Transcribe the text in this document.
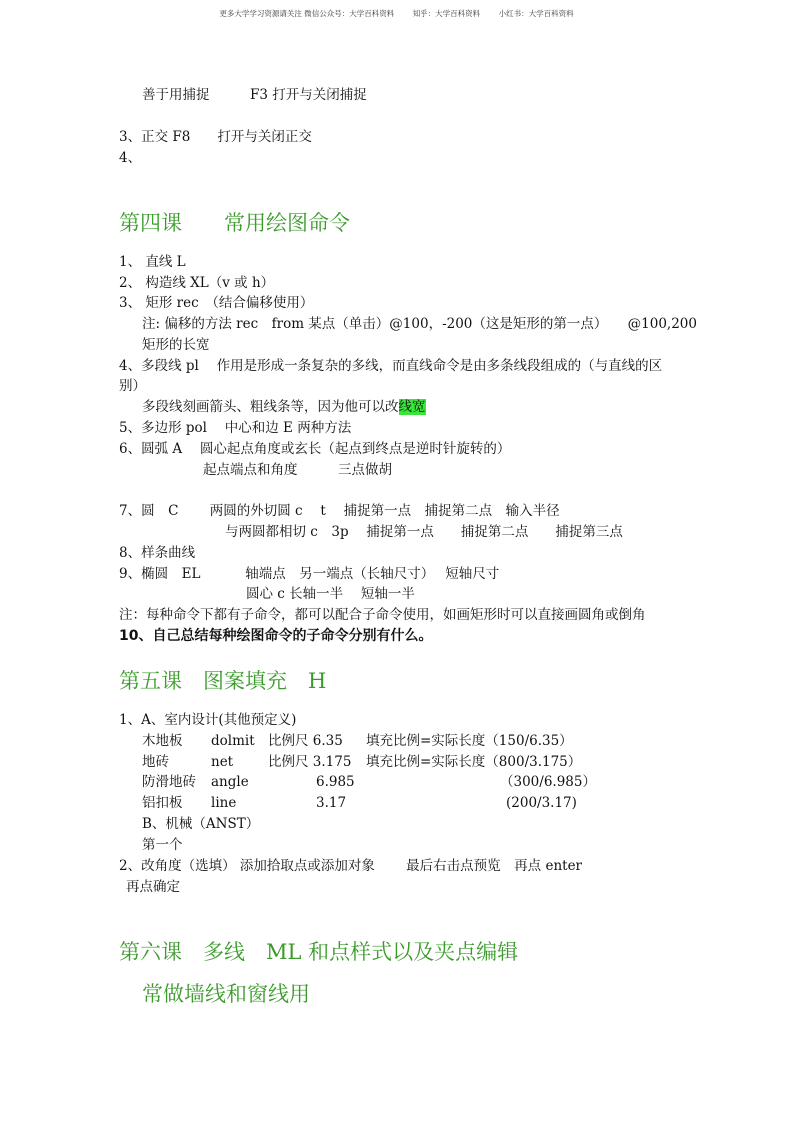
更多大学学习资源请关注 微信公众号：大学百科资料 知乎：大学百科资料 小红书：大学百科资料
善于用捕捉　　　F3 打开与关闭捕捉
3、正交 F8　　打开与关闭正交
4、
第四课　　常用绘图命令
1、 直线 L
2、 构造线 XL（v 或 h）
3、 矩形 rec　（结合偏移使用）
注: 偏移的方法 rec　from 某点（单击）@100，-200（这是矩形的第一点）　　@100,200
矩形的长宽
4、多段线 pl　 作用是形成一条复杂的多线，而直线命令是由多条线段组成的（与直线的区
别）
多段线刻画箭头、粗线条等，因为他可以改线宽
5、多边形 pol　 中心和边 E 两种方法
6、圆弧 A　 圆心起点角度或玄长（起点到终点是逆时针旋转的）
起点端点和角度　　　三点做胡
7、圆　C　　 两圆的外切圆 c　 t　 捕捉第一点　捕捉第二点　输入半径
与两圆都相切 c　3p　 捕捉第一点　　捕捉第二点　　捕捉第三点
8、样条曲线
9、椭圆　EL　　　 轴端点　另一端点（长轴尺寸）　 短轴尺寸
圆心 c 长轴一半　 短轴一半
注：每种命令下都有子命令，都可以配合子命令使用，如画矩形时可以直接画圆角或倒角
10、自己总结每种绘图命令的子命令分别有什么。
第五课　图案填充　H
1、A、室内设计(其他预定义)
木地板 dolmit 比例尺 6.35 填充比例=实际长度（150/6.35）
地砖	net	比例尺 3.175 填充比例=实际长度（800/3.175）
防滑地砖 angle	6.985	（300/6.985）
铝扣板 line	3.17	(200/3.17)
B、机械（ANST）
第一个
2、改角度（选填） 添加拾取点或添加对象　　 最后右击点预览　再点 enter
再点确定
第六课　多线　ML 和点样式以及夹点编辑
常做墙线和窗线用
